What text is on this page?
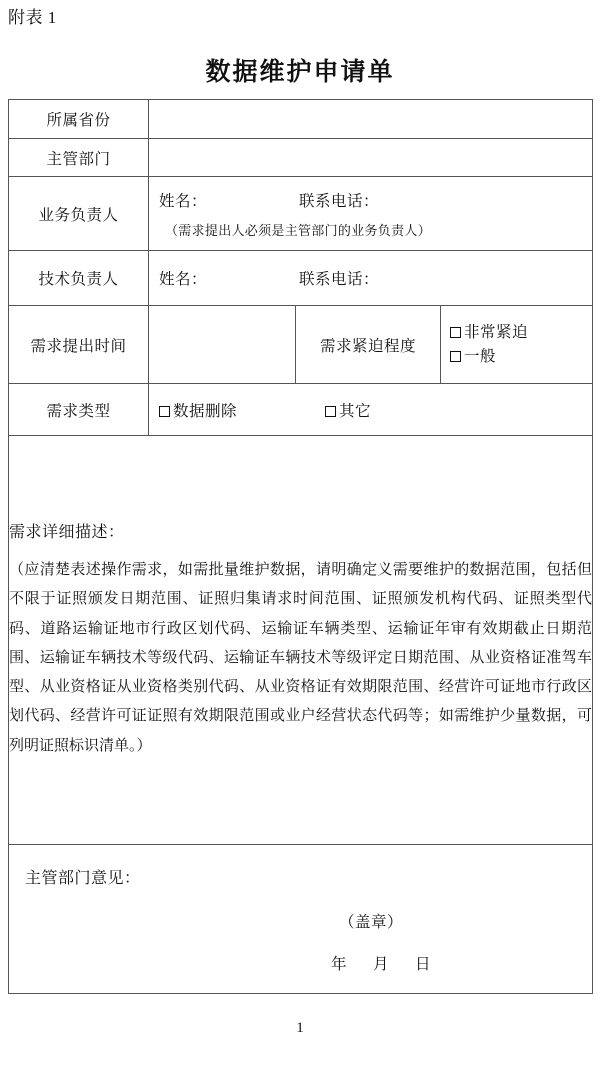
附表 1
数据维护申请单
所属省份			
主管部门			
业务负责人	姓名： 联系电话：
（需求提出人必须是主管部门的业务负责人）		

技术负责人	姓名： 联系电话：		

需求提出时间		需求紧迫程度	非常紧迫
一般

需求类型	数据删除 其它		

需求详细描述：
（应清楚表述操作需求，如需批量维护数据，请明确定义需要维护的数据范围，包括但不限于证照颁发日期范围、证照归集请求时间范围、证照颁发机构代码、证照类型代码、道路运输证地市行政区划代码、运输证车辆类型、运输证年审有效期截止日期范围、运输证车辆技术等级代码、运输证车辆技术等级评定日期范围、从业资格证准驾车型、从业资格证从业资格类别代码、从业资格证有效期限范围、经营许可证地市行政区划代码、经营许可证证照有效期限范围或业户经营状态代码等；如需维护少量数据，可列明证照标识清单。）			

主管部门意见：
（盖章）
年 月 日			
1
